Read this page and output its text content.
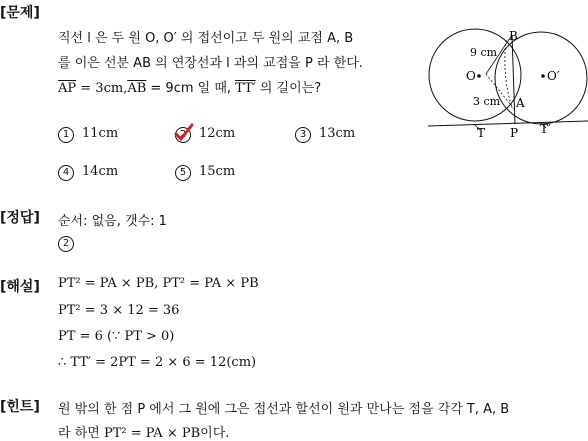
[문제]
[정답]
[해설]
[힌트]
직선 l 은 두 원 O, O′ 의 접선이고 두 원의 교점 A, B
를 이은 선분 AB 의 연장선과 l 과의 교점을 P 라 한다.
$\overline{AP} = 3cm,\overline{AB} = 9cm$ 일 때, TT′ 의 길이는?
1 11cm	2 12cm	3 13cm
4 14cm	5 15cm
B
A
O	O′
T P T′
9 cm
3 cm
순서: 없음, 갯수: 1
2
PT² = PA × PB, PT² = PA × PB
PT² = 3 × 12 = 36
PT = 6 (∵ PT > 0)
∴ TT′ = 2PT = 2 × 6 = 12(cm)
원 밖의 한 점 P 에서 그 원에 그은 접선과 할선이 원과 만나는 점을 각각 T, A, B
라 하면 PT² = PA × PB이다.
